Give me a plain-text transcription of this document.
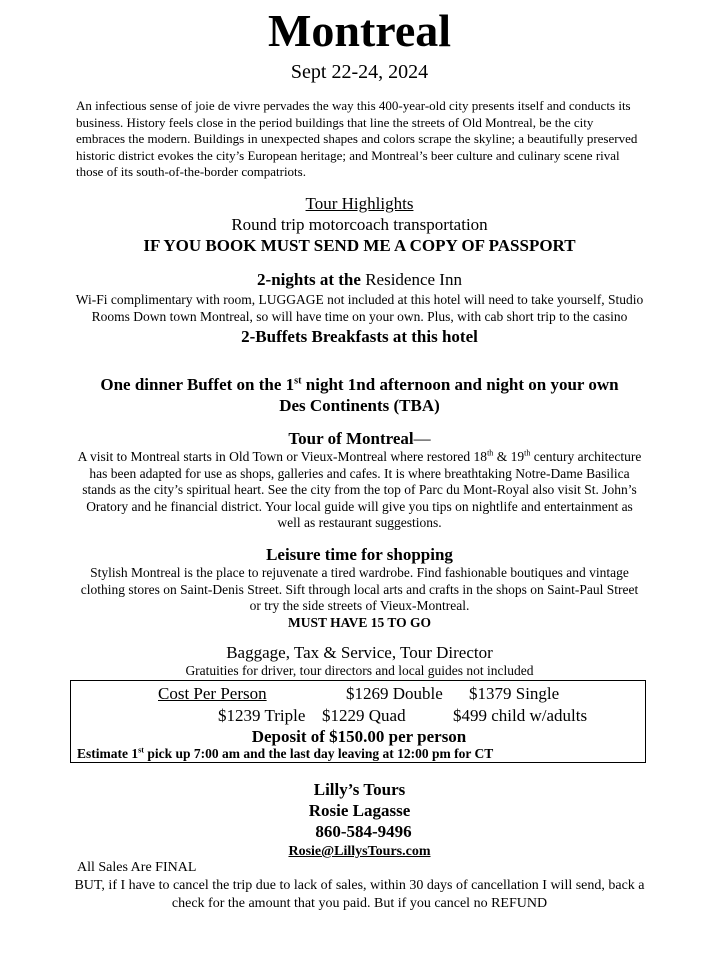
Montreal
Sept 22-24, 2024

An infectious sense of joie de vivre pervades the way this 400-year-old city presents itself and conducts its business. History feels close in the period buildings that line the streets of Old Montreal, be the city embraces the modern. Buildings in unexpected shapes and colors scrape the skyline; a beautifully preserved historic district evokes the city’s European heritage; and Montreal’s beer culture and culinary scene rival those of its south-of-the-border compatriots.

Tour Highlights
Round trip motorcoach transportation
IF YOU BOOK MUST SEND ME A COPY OF PASSPORT
2-nights at the Residence Inn
Wi-Fi complimentary with room, LUGGAGE not included at this hotel will need to take yourself, Studio Rooms Down town Montreal, so will have time on your own. Plus, with cab short trip to the casino
2-Buffets Breakfasts at this hotel
One dinner Buffet on the 1st night 1nd afternoon and night on your own
Des Continents (TBA)
Tour of Montreal—
A visit to Montreal starts in Old Town or Vieux-Montreal where restored 18th & 19th century architecture has been adapted for use as shops, galleries and cafes. It is where breathtaking Notre-Dame Basilica stands as the city’s spiritual heart. See the city from the top of Parc du Mont-Royal also visit St. John’s Oratory and he financial district. Your local guide will give you tips on nightlife and entertainment as well as restaurant suggestions.
Leisure time for shopping
Stylish Montreal is the place to rejuvenate a tired wardrobe. Find fashionable boutiques and vintage clothing stores on Saint-Denis Street. Sift through local arts and crafts in the shops on Saint-Paul Street or try the side streets of Vieux-Montreal.
MUST HAVE 15 TO GO
Baggage, Tax & Service, Tour Director
Gratuities for driver, tour directors and local guides not included
Cost Per Person	$1269 Double $1379 Single
$1239 Triple $1229 Quad	$499 child w/adults
Deposit of $150.00 per person
Estimate 1st pick up 7:00 am and the last day leaving at 12:00 pm for CT
Lilly’s Tours
Rosie Lagasse
860-584-9496
Rosie@LillysTours.com
All Sales Are FINAL
BUT, if I have to cancel the trip due to lack of sales, within 30 days of cancellation I will send, back a check for the amount that you paid. But if you cancel no REFUND
